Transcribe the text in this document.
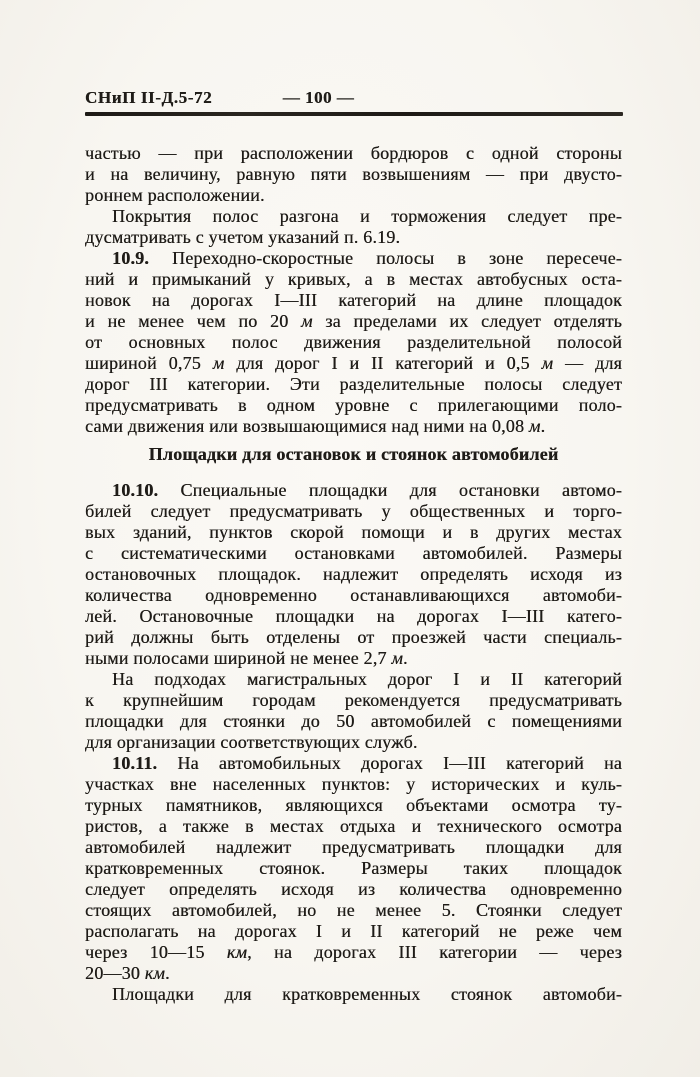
СНиП II-Д.5-72	— 100 —
частью — при расположении бордюров с одной стороны
и на величину, равную пяти возвышениям — при двусто-
роннем расположении.
Покрытия полос разгона и торможения следует пре-
дусматривать с учетом указаний п. 6.19.
10.9. Переходно-скоростные полосы в зоне пересече-
ний и примыканий у кривых, а в местах автобусных оста-
новок на дорогах I—III категорий на длине площадок
и не менее чем по 20 м за пределами их следует отделять
от основных полос движения разделительной полосой
шириной 0,75 м для дорог I и II категорий и 0,5 м — для
дорог III категории. Эти разделительные полосы следует
предусматривать в одном уровне с прилегающими поло-
сами движения или возвышающимися над ними на 0,08 м.
Площадки для остановок и стоянок автомобилей
10.10. Специальные площадки для остановки автомо-
билей следует предусматривать у общественных и торго-
вых зданий, пунктов скорой помощи и в других местах
с систематическими остановками автомобилей. Размеры
остановочных площадок. надлежит определять исходя из
количества одновременно останавливающихся автомоби-
лей. Остановочные площадки на дорогах I—III катего-
рий должны быть отделены от проезжей части специаль-
ными полосами шириной не менее 2,7 м.
На подходах магистральных дорог I и II категорий
к крупнейшим городам рекомендуется предусматривать
площадки для стоянки до 50 автомобилей с помещениями
для организации соответствующих служб.
10.11. На автомобильных дорогах I—III категорий на
участках вне населенных пунктов: у исторических и куль-
турных памятников, являющихся объектами осмотра ту-
ристов, а также в местах отдыха и технического осмотра
автомобилей надлежит предусматривать площадки для
кратковременных стоянок. Размеры таких площадок
следует определять исходя из количества одновременно
стоящих автомобилей, но не менее 5. Стоянки следует
располагать на дорогах I и II категорий не реже чем
через 10—15 км, на дорогах III категории — через
20—30 км.
Площадки для кратковременных стоянок автомоби-
